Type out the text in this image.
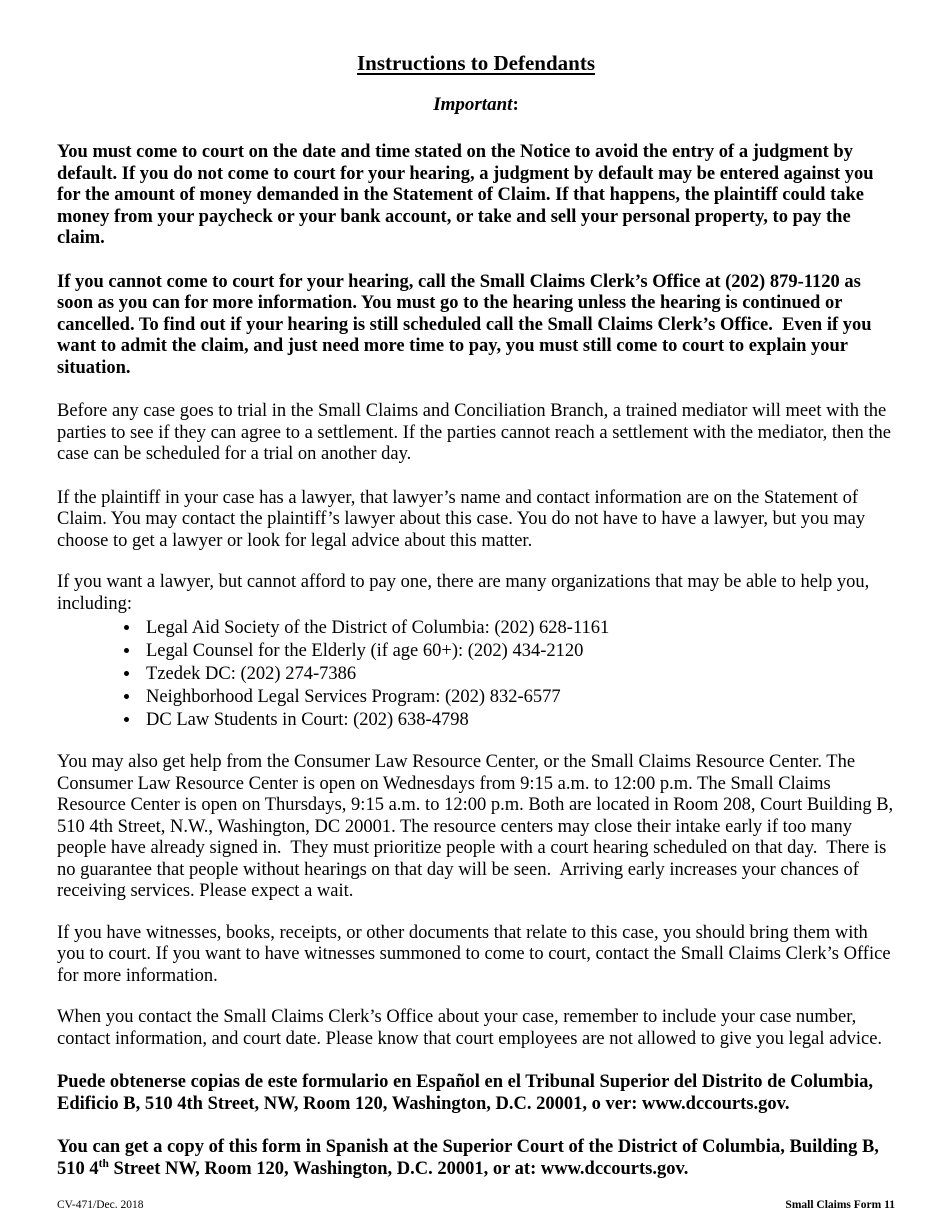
Instructions to Defendants
Important:

You must come to court on the date and time stated on the Notice to avoid the entry of a judgment by default. If you do not come to court for your hearing, a judgment by default may be entered against you for the amount of money demanded in the Statement of Claim. If that happens, the plaintiff could take money from your paycheck or your bank account, or take and sell your personal property, to pay the claim.

If you cannot come to court for your hearing, call the Small Claims Clerk’s Office at (202) 879-1120 as soon as you can for more information. You must go to the hearing unless the hearing is continued or cancelled. To find out if your hearing is still scheduled call the Small Claims Clerk’s Office.  Even if you want to admit the claim, and just need more time to pay, you must still come to court to explain your situation.

Before any case goes to trial in the Small Claims and Conciliation Branch, a trained mediator will meet with the parties to see if they can agree to a settlement. If the parties cannot reach a settlement with the mediator, then the case can be scheduled for a trial on another day.

If the plaintiff in your case has a lawyer, that lawyer’s name and contact information are on the Statement of Claim. You may contact the plaintiff’s lawyer about this case. You do not have to have a lawyer, but you may choose to get a lawyer or look for legal advice about this matter.

If you want a lawyer, but cannot afford to pay one, there are many organizations that may be able to help you, including:

• Legal Aid Society of the District of Columbia: (202) 628-1161
• Legal Counsel for the Elderly (if age 60+): (202) 434-2120
• Tzedek DC: (202) 274-7386
• Neighborhood Legal Services Program: (202) 832-6577
• DC Law Students in Court: (202) 638-4798

You may also get help from the Consumer Law Resource Center, or the Small Claims Resource Center. The Consumer Law Resource Center is open on Wednesdays from 9:15 a.m. to 12:00 p.m. The Small Claims Resource Center is open on Thursdays, 9:15 a.m. to 12:00 p.m. Both are located in Room 208, Court Building B, 510 4th Street, N.W., Washington, DC 20001. The resource centers may close their intake early if too many people have already signed in.  They must prioritize people with a court hearing scheduled on that day.  There is no guarantee that people without hearings on that day will be seen.  Arriving early increases your chances of receiving services. Please expect a wait.

If you have witnesses, books, receipts, or other documents that relate to this case, you should bring them with you to court. If you want to have witnesses summoned to come to court, contact the Small Claims Clerk’s Office for more information.

When you contact the Small Claims Clerk’s Office about your case, remember to include your case number, contact information, and court date. Please know that court employees are not allowed to give you legal advice.

Puede obtenerse copias de este formulario en Español en el Tribunal Superior del Distrito de Columbia, Edificio B, 510 4th Street, NW, Room 120, Washington, D.C. 20001, o ver: www.dccourts.gov.

You can get a copy of this form in Spanish at the Superior Court of the District of Columbia, Building B, 510 4th Street NW, Room 120, Washington, D.C. 20001, or at: www.dccourts.gov.

CV-471/Dec. 2018	Small Claims Form 11
